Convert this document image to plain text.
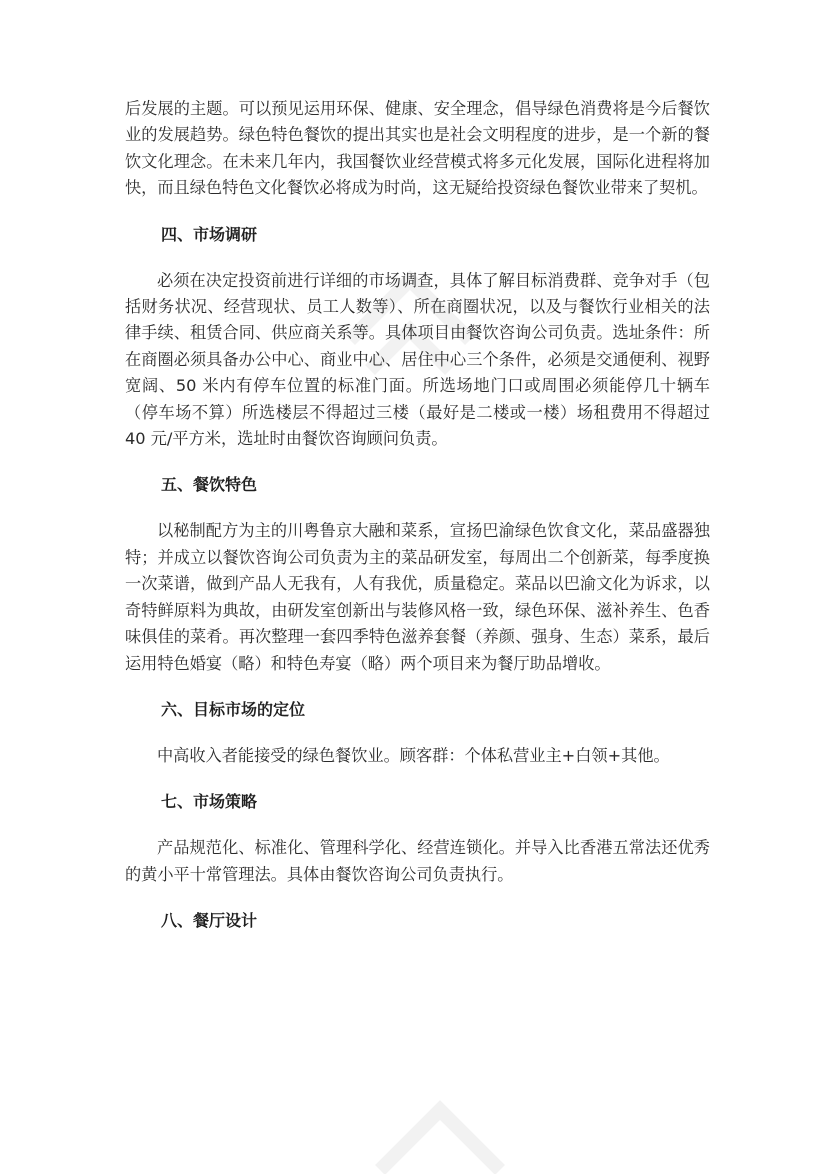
后发展的主题。可以预见运用环保、健康、安全理念，倡导绿色消费将是今后餐饮业的发展趋势。绿色特色餐饮的提出其实也是社会文明程度的进步，是一个新的餐饮文化理念。在未来几年内，我国餐饮业经营模式将多元化发展，国际化进程将加快，而且绿色特色文化餐饮必将成为时尚，这无疑给投资绿色餐饮业带来了契机。

四、市场调研

必须在决定投资前进行详细的市场调查，具体了解目标消费群、竞争对手（包括财务状况、经营现状、员工人数等）、所在商圈状况，以及与餐饮行业相关的法律手续、租赁合同、供应商关系等。具体项目由餐饮咨询公司负责。选址条件：所在商圈必须具备办公中心、商业中心、居住中心三个条件，必须是交通便利、视野宽阔、50 米内有停车位置的标准门面。所选场地门口或周围必须能停几十辆车（停车场不算）所选楼层不得超过三楼（最好是二楼或一楼）场租费用不得超过 40 元/平方米，选址时由餐饮咨询顾问负责。

五、餐饮特色

以秘制配方为主的川粤鲁京大融和菜系，宣扬巴渝绿色饮食文化，菜品盛器独特；并成立以餐饮咨询公司负责为主的菜品研发室，每周出二个创新菜，每季度换一次菜谱，做到产品人无我有，人有我优，质量稳定。菜品以巴渝文化为诉求，以奇特鲜原料为典故，由研发室创新出与装修风格一致，绿色环保、滋补养生、色香味俱佳的菜肴。再次整理一套四季特色滋养套餐（养颜、强身、生态）菜系，最后运用特色婚宴（略）和特色寿宴（略）两个项目来为餐厅助品增收。

六、目标市场的定位

中高收入者能接受的绿色餐饮业。顾客群：个体私营业主+白领+其他。

七、市场策略

产品规范化、标准化、管理科学化、经营连锁化。并导入比香港五常法还优秀的黄小平十常管理法。具体由餐饮咨询公司负责执行。

八、餐厅设计
